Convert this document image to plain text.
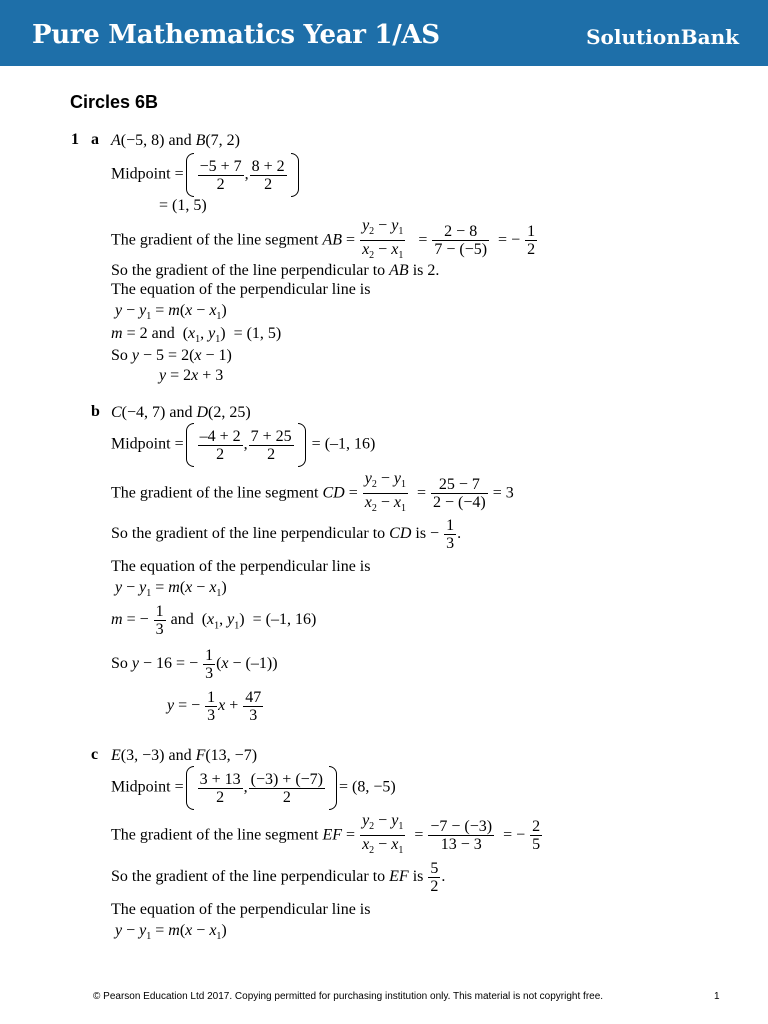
Pure Mathematics Year 1/AS	SolutionBank
Circles 6B
1 a A(−5, 8) and B(7, 2)
Midpoint = $\frac{-5 + 7}{2}$ , $\frac{8 + 2}{2}$
= (1, 5)
The gradient of the line segment AB = $\frac{y_2 - y_1}{x_2 - x_1} = \frac{2 - 8}{7 - (-5)}$ = − $\frac{1}{2}$
So the gradient of the line perpendicular to AB is 2.
The equation of the perpendicular line is
$y - y_1 = m(x - x_1)$
m = 2 and  ($x_1$, $y_1) = (1$, 5)
So y − 5 = 2(x − 1)
y = 2x + 3
b C(−4, 7) and D(2, 25)
Midpoint = $\frac{-4 + 2}{2}$ , $\frac{7 + 25}{2} = (-1$, 16)
The gradient of the line segment CD = $\frac{y_2 - y_1}{x_2 - x_1} = \frac{25 - 7}{2 - (-4)} = 3$
So the gradient of the line perpendicular to CD is − $\frac{1}{3}$ .
The equation of the perpendicular line is
$y - y_1 = m(x - x_1)$
m = − $\frac{1}{3}$ and  ($x_1$, $y_1) = (-1$, 16)
So y − 16 = − $\frac{1}{3} (x - (-1))$
y = − $\frac{1}{3}$ $x + \frac{47}{3}$
c E(3, −3) and F(13, −7)
Midpoint = $\frac{3 + 13}{2}$ , $\frac{(-3) + (-7)}{2} = (8$, −5)
The gradient of the line segment EF = $\frac{y_2 - y_1}{x_2 - x_1} = \frac{-7 - (-3)}{13 - 3}$ = − $\frac{2}{5}$
So the gradient of the line perpendicular to EF is $\frac{5}{2}$ .
The equation of the perpendicular line is
$y - y_1 = m(x - x_1)$
© Pearson Education Ltd 2017. Copying permitted for purchasing institution only. This material is not copyright free.	1
